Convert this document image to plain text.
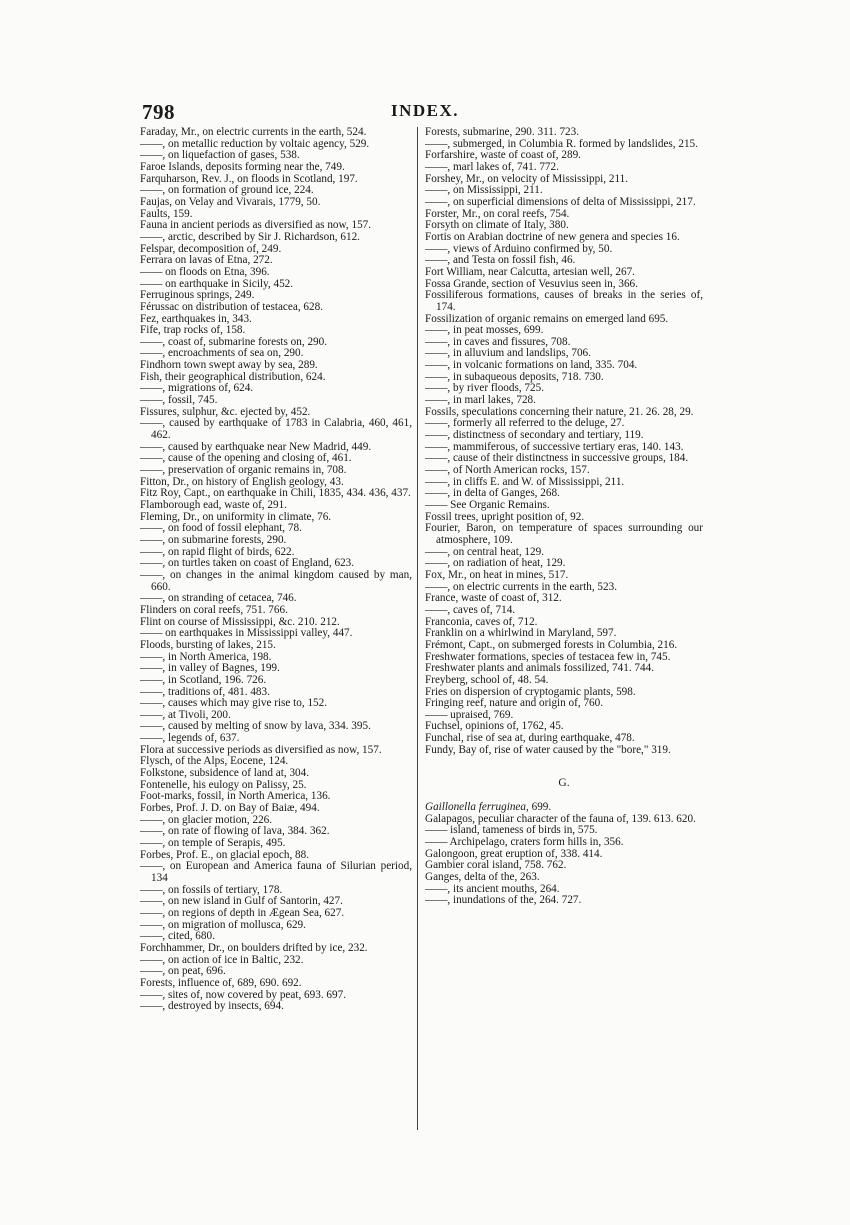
798	INDEX.
Faraday, Mr., on electric currents in the earth, 524.
——, on metallic reduction by voltaic agency, 529.
——, on liquefaction of gases, 538.
Faroe Islands, deposits forming near the, 749.
Farquharson, Rev. J., on floods in Scotland, 197.
——, on formation of ground ice, 224.
Faujas, on Velay and Vivarais, 1779, 50.
Faults, 159.
Fauna in ancient periods as diversified as now, 157.
——, arctic, described by Sir J. Richardson, 612.
Felspar, decomposition of, 249.
Ferrara on lavas of Etna, 272.
—— on floods on Etna, 396.
—— on earthquake in Sicily, 452.
Ferruginous springs, 249.
Férussac on distribution of testacea, 628.
Fez, earthquakes in, 343.
Fife, trap rocks of, 158.
——, coast of, submarine forests on, 290.
——, encroachments of sea on, 290.
Findhorn town swept away by sea, 289.
Fish, their geographical distribution, 624.
——, migrations of, 624.
——, fossil, 745.
Fissures, sulphur, &c. ejected by, 452.
——, caused by earthquake of 1783 in Calabria, 460, 461, 462.
——, caused by earthquake near New Madrid, 449.
——, cause of the opening and closing of, 461.
——, preservation of organic remains in, 708.
Fitton, Dr., on history of English geology, 43.
Fitz Roy, Capt., on earthquake in Chili, 1835, 434. 436, 437.
Flamborough ead, waste of, 291.
Fleming, Dr., on uniformity in climate, 76.
——, on food of fossil elephant, 78.
——, on submarine forests, 290.
——, on rapid flight of birds, 622.
——, on turtles taken on coast of England, 623.
——, on changes in the animal kingdom caused by man, 660.
——, on stranding of cetacea, 746.
Flinders on coral reefs, 751. 766.
Flint on course of Mississippi, &c. 210. 212.
—— on earthquakes in Mississippi valley, 447.
Floods, bursting of lakes, 215.
——, in North America, 198.
——, in valley of Bagnes, 199.
——, in Scotland, 196. 726.
——, traditions of, 481. 483.
——, causes which may give rise to, 152.
——, at Tivoli, 200.
——, caused by melting of snow by lava, 334. 395.
——, legends of, 637.
Flora at successive periods as diversified as now, 157.
Flysch, of the Alps, Eocene, 124.
Folkstone, subsidence of land at, 304.
Fontenelle, his eulogy on Palissy, 25.
Foot-marks, fossil, in North America, 136.
Forbes, Prof. J. D. on Bay of Baiæ, 494.
——, on glacier motion, 226.
——, on rate of flowing of lava, 384. 362.
——, on temple of Serapis, 495.
Forbes, Prof. E., on glacial epoch, 88.
——, on European and America fauna of Silurian period, 134
——, on fossils of tertiary, 178.
——, on new island in Gulf of Santorin, 427.
——, on regions of depth in Ægean Sea, 627.
——, on migration of mollusca, 629.
——, cited, 680.
Forchhammer, Dr., on boulders drifted by ice, 232.
——, on action of ice in Baltic, 232.
——, on peat, 696.
Forests, influence of, 689, 690. 692.
——, sites of, now covered by peat, 693. 697.
——, destroyed by insects, 694.
Forests, submarine, 290. 311. 723.
——, submerged, in Columbia R. formed by landslides, 215.
Forfarshire, waste of coast of, 289.
——, marl lakes of, 741. 772.
Forshey, Mr., on velocity of Mississippi, 211.
——, on Mississippi, 211.
——, on superficial dimensions of delta of Mississippi, 217.
Forster, Mr., on coral reefs, 754.
Forsyth on climate of Italy, 380.
Fortis on Arabian doctrine of new genera and species 16.
——, views of Arduino confirmed by, 50.
——, and Testa on fossil fish, 46.
Fort William, near Calcutta, artesian well, 267.
Fossa Grande, section of Vesuvius seen in, 366.
Fossiliferous formations, causes of breaks in the series of, 174.
Fossilization of organic remains on emerged land 695.
——, in peat mosses, 699.
——, in caves and fissures, 708.
——, in alluvium and landslips, 706.
——, in volcanic formations on land, 335. 704.
——, in subaqueous deposits, 718. 730.
——, by river floods, 725.
——, in marl lakes, 728.
Fossils, speculations concerning their nature, 21. 26. 28, 29.
——, formerly all referred to the deluge, 27.
——, distinctness of secondary and tertiary, 119.
——, mammiferous, of successive tertiary eras, 140. 143.
——, cause of their distinctness in successive groups, 184.
——, of North American rocks, 157.
——, in cliffs E. and W. of Mississippi, 211.
——, in delta of Ganges, 268.
—— See Organic Remains.
Fossil trees, upright position of, 92.
Fourier, Baron, on temperature of spaces surrounding our atmosphere, 109.
——, on central heat, 129.
——, on radiation of heat, 129.
Fox, Mr., on heat in mines, 517.
——, on electric currents in the earth, 523.
France, waste of coast of, 312.
——, caves of, 714.
Franconia, caves of, 712.
Franklin on a whirlwind in Maryland, 597.
Frémont, Capt., on submerged forests in Columbia, 216.
Freshwater formations, species of testacea few in, 745.
Freshwater plants and animals fossilized, 741. 744.
Freyberg, school of, 48. 54.
Fries on dispersion of cryptogamic plants, 598.
Fringing reef, nature and origin of, 760.
—— upraised, 769.
Fuchsel, opinions of, 1762, 45.
Funchal, rise of sea at, during earthquake, 478.
Fundy, Bay of, rise of water caused by the "bore," 319.
G.
Gaillonella ferruginea, 699.
Galapagos, peculiar character of the fauna of, 139. 613. 620.
—— island, tameness of birds in, 575.
—— Archipelago, craters form hills in, 356.
Galongoon, great eruption of, 338. 414.
Gambier coral island, 758. 762.
Ganges, delta of the, 263.
——, its ancient mouths, 264.
——, inundations of the, 264. 727.
